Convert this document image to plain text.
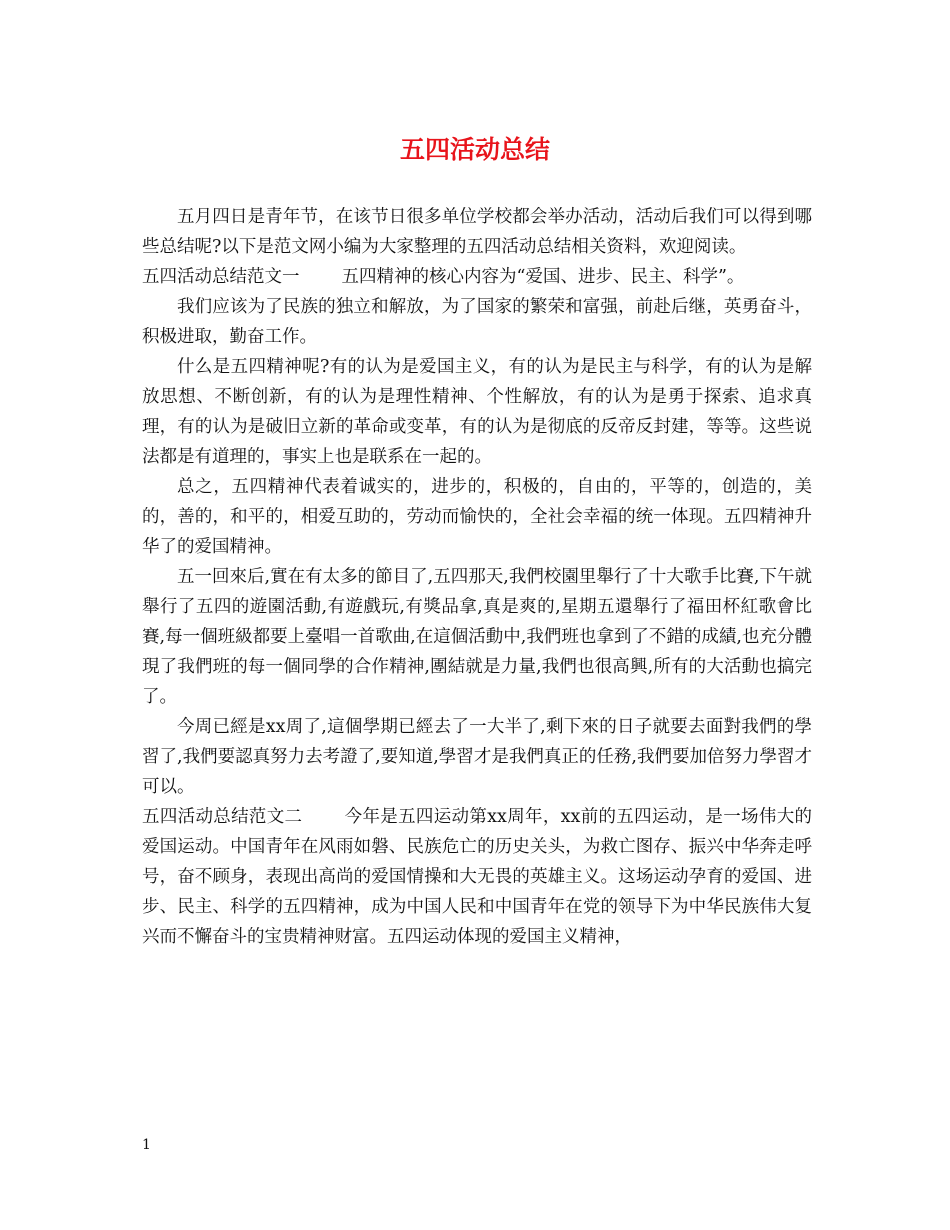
五四活动总结

五月四日是青年节，在该节日很多单位学校都会举办活动，活动后我们可以得到哪些总结呢?以下是范文网小编为大家整理的五四活动总结相关资料，欢迎阅读。

五四活动总结范文一 五四精神的核心内容为“爱国、进步、民主、科学”。

我们应该为了民族的独立和解放，为了国家的繁荣和富强，前赴后继，英勇奋斗，积极进取，勤奋工作。

什么是五四精神呢?有的认为是爱国主义，有的认为是民主与科学，有的认为是解放思想、不断创新，有的认为是理性精神、个性解放，有的认为是勇于探索、追求真理，有的认为是破旧立新的革命或变革，有的认为是彻底的反帝反封建，等等。这些说法都是有道理的，事实上也是联系在一起的。

总之，五四精神代表着诚实的，进步的，积极的，自由的，平等的，创造的，美的，善的，和平的，相爱互助的，劳动而愉快的，全社会幸福的统一体现。五四精神升华了的爱国精神。

五一回來后,實在有太多的節目了,五四那天,我們校園里舉行了十大歌手比賽,下午就舉行了五四的遊園活動,有遊戲玩,有獎品拿,真是爽的,星期五還舉行了福田杯紅歌會比賽,每一個班級都要上臺唱一首歌曲,在這個活動中,我們班也拿到了不錯的成績,也充分體現了我們班的每一個同學的合作精神,團結就是力量,我們也很高興,所有的大活動也搞完了。

今周已經是xx周了,這個學期已經去了一大半了,剩下來的日子就要去面對我們的學習了,我們要認真努力去考證了,要知道,學習才是我們真正的任務,我們要加倍努力學習才可以。

五四活动总结范文二 今年是五四运动第xx周年，xx前的五四运动，是一场伟大的爱国运动。中国青年在风雨如磐、民族危亡的历史关头，为救亡图存、振兴中华奔走呼号，奋不顾身，表现出高尚的爱国情操和大无畏的英雄主义。这场运动孕育的爱国、进步、民主、科学的五四精神，成为中国人民和中国青年在党的领导下为中华民族伟大复兴而不懈奋斗的宝贵精神财富。五四运动体现的爱国主义精神，

1
